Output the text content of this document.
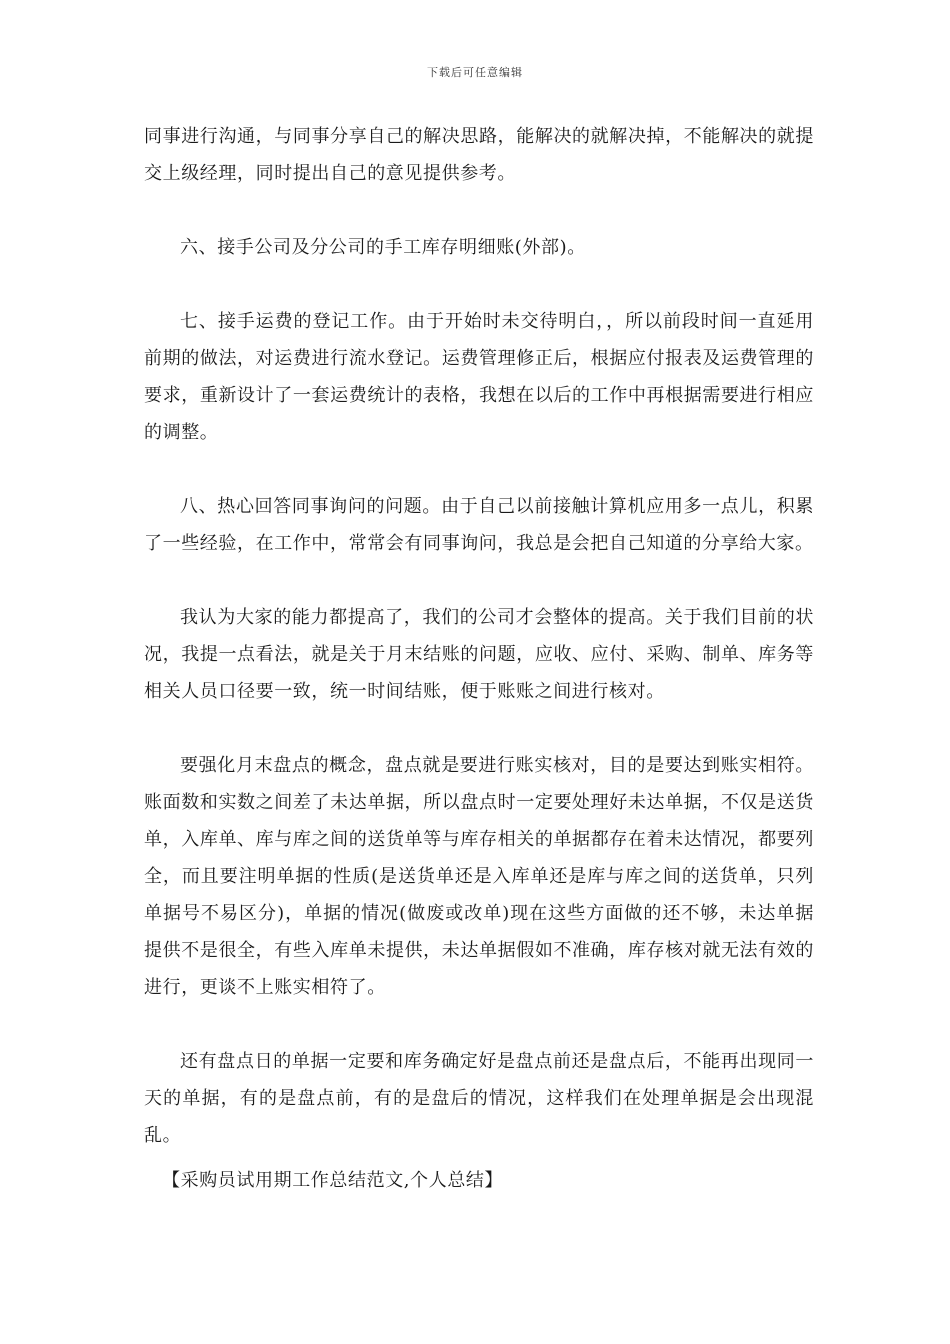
下载后可任意编辑

同事进行沟通，与同事分享自己的解决思路，能解决的就解决掉，不能解决的就提交上级经理，同时提出自己的意见提供参考。

六、接手公司及分公司的手工库存明细账(外部)。

七、接手运费的登记工作。由于开始时未交待明白，，所以前段时间一直延用前期的做法，对运费进行流水登记。运费管理修正后，根据应付报表及运费管理的要求，重新设计了一套运费统计的表格，我想在以后的工作中再根据需要进行相应的调整。

八、热心回答同事询问的问题。由于自己以前接触计算机应用多一点儿，积累了一些经验，在工作中，常常会有同事询问，我总是会把自己知道的分享给大家。

我认为大家的能力都提高了，我们的公司才会整体的提高。关于我们目前的状况，我提一点看法，就是关于月末结账的问题，应收、应付、采购、制单、库务等相关人员口径要一致，统一时间结账，便于账账之间进行核对。

要强化月末盘点的概念，盘点就是要进行账实核对，目的是要达到账实相符。账面数和实数之间差了未达单据，所以盘点时一定要处理好未达单据，不仅是送货单，入库单、库与库之间的送货单等与库存相关的单据都存在着未达情况，都要列全，而且要注明单据的性质(是送货单还是入库单还是库与库之间的送货单，只列单据号不易区分)，单据的情况(做废或改单)现在这些方面做的还不够，未达单据提供不是很全，有些入库单未提供，未达单据假如不准确，库存核对就无法有效的进行，更谈不上账实相符了。

还有盘点日的单据一定要和库务确定好是盘点前还是盘点后，不能再出现同一天的单据，有的是盘点前，有的是盘后的情况，这样我们在处理单据是会出现混乱。

【采购员试用期工作总结范文,个人总结】
